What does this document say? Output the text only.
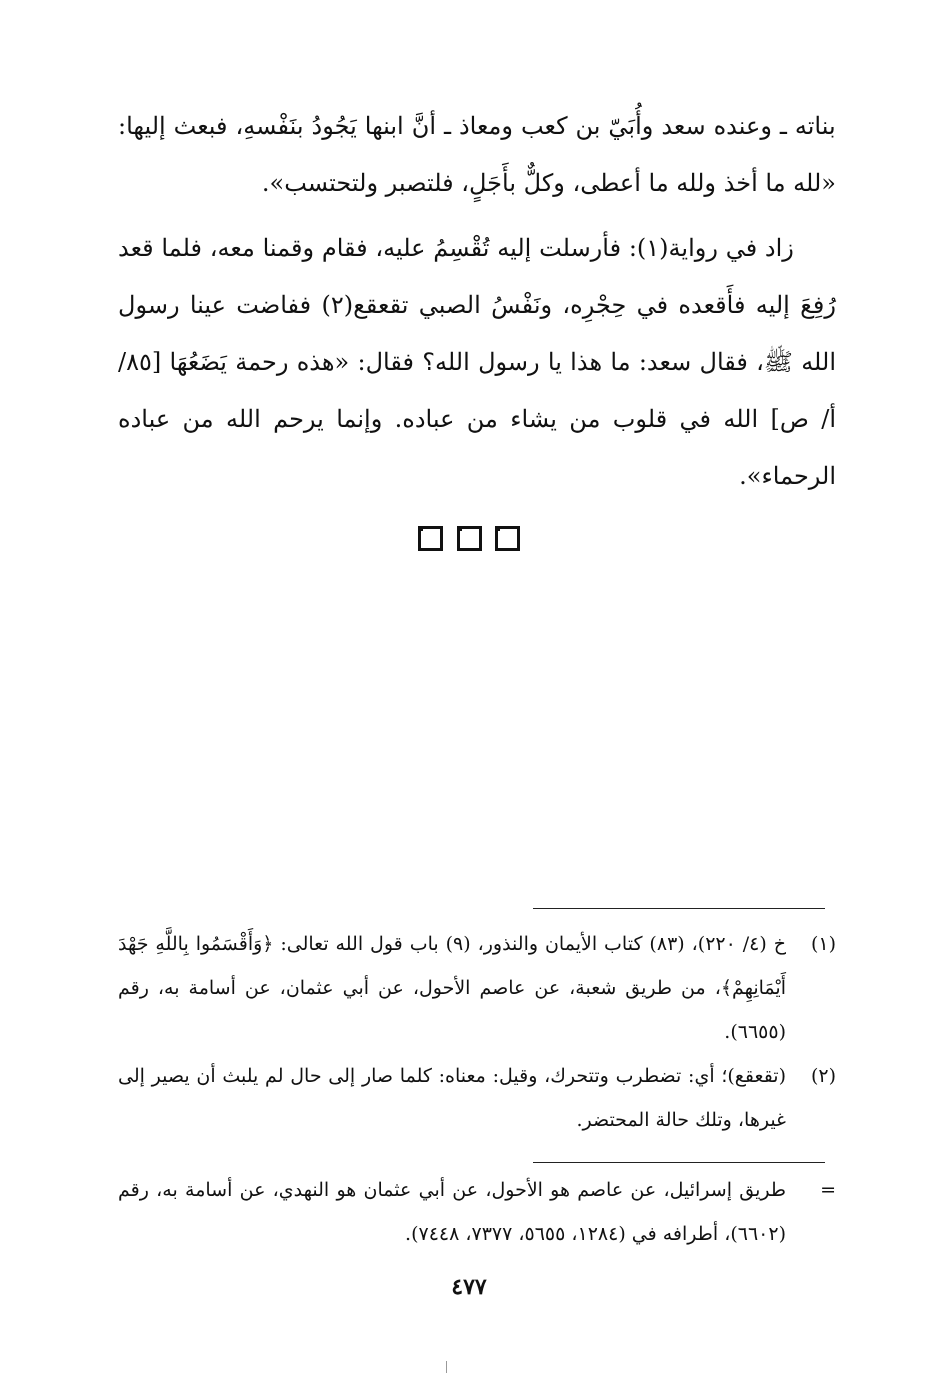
بناته ـ وعنده سعد وأُبَيّ بن كعب ومعاذ ـ أنَّ ابنها يَجُودُ بنَفْسهِ، فبعث إليها: «لله ما أخذ ولله ما أعطى، وكلٌّ بأَجَلٍ، فلتصبر ولتحتسب».

زاد في رواية(١): فأرسلت إليه تُقْسِمُ عليه، فقام وقمنا معه، فلما قعد رُفِعَ إليه فأَقعده في حِجْرِه، ونَفْسُ الصبي تقعقع(٢) ففاضت عينا رسول الله ﷺ، فقال سعد: ما هذا يا رسول الله؟ فقال: «هذه رحمة يَضَعُهَا [٨٥/ أ/ ص] الله في قلوب من يشاء من عباده. وإنما يرحم الله من عباده الرحماء».

(١)
خ (٤/ ٢٢٠)، (٨٣) كتاب الأيمان والنذور، (٩) باب قول الله تعالى: ﴿وَأَقْسَمُوا بِاللَّهِ جَهْدَ أَيْمَانِهِمْ﴾، من طريق شعبة، عن عاصم الأحول، عن أبي عثمان، عن أسامة به، رقم (٦٦٥٥).
(٢)
(تقعقع)؛ أي: تضطرب وتتحرك، وقيل: معناه: كلما صار إلى حال لم يلبث أن يصير إلى غيرها، وتلك حالة المحتضر.
=
طريق إسرائيل، عن عاصم هو الأحول، عن أبي عثمان هو النهدي، عن أسامة به، رقم (٦٦٠٢)، أطرافه في (١٢٨٤، ٥٦٥٥، ٧٣٧٧، ٧٤٤٨).
٤٧٧
